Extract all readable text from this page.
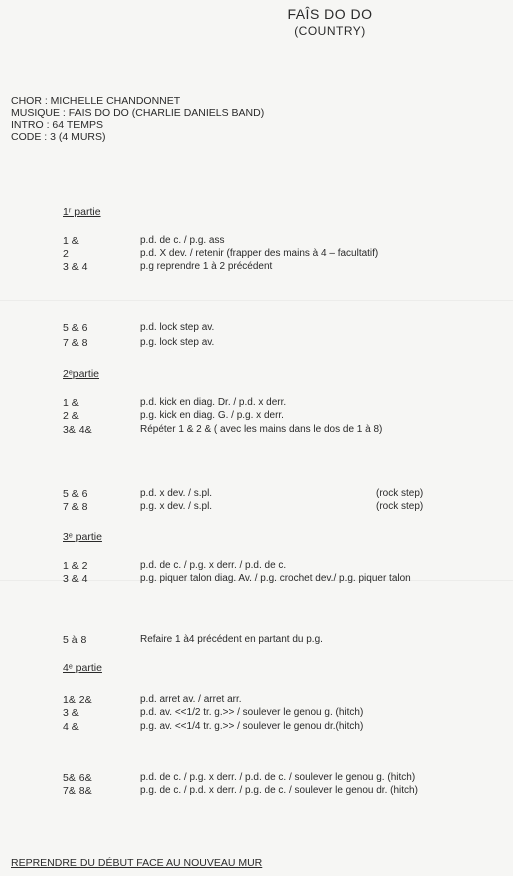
FAÎS DO DO
(COUNTRY)
CHOR : MICHELLE CHANDONNET
MUSIQUE : FAIS DO DO (CHARLIE DANIELS BAND)
INTRO : 64 TEMPS
CODE : 3 (4 MURS)
1ʳ partie
1 &	p.d. de c. / p.g. ass
2	p.d. X dev. / retenir (frapper des mains à 4 – facultatif)
3 & 4	p.g reprendre 1 à 2 précédent
5 & 6	p.d. lock step av.
7 & 8	p.g. lock step av.
2ᵉpartie
1 &	p.d. kick en diag. Dr. / p.d. x derr.
2 &	p.g. kick en diag. G. / p.g. x derr.
3& 4&	Répéter 1 & 2 & ( avec les mains dans le dos de 1 à 8)
5 & 6	p.d. x dev. / s.pl.	(rock step)
7 & 8	p.g. x dev. / s.pl.	(rock step)
3ᵉ partie
1 & 2	p.d. de c. / p.g. x derr. / p.d. de c.
3 & 4	p.g. piquer talon diag. Av. / p.g. crochet dev./ p.g. piquer talon
5 à 8	Refaire 1 à4 précédent en partant du p.g.
4ᵉ partie
1& 2&	p.d. arret av. / arret arr.
3 &	p.d. av. <<1/2 tr. g.>> / soulever le genou g. (hitch)
4 &	p.g. av. <<1/4 tr. g.>> / soulever le genou dr.(hitch)
5& 6&	p.d. de c. / p.g. x derr. / p.d. de c. / soulever le genou g. (hitch)
7& 8&	p.g. de c. / p.d. x derr. / p.g. de c. / soulever le genou dr. (hitch)
REPRENDRE DU DÉBUT FACE AU NOUVEAU MUR
